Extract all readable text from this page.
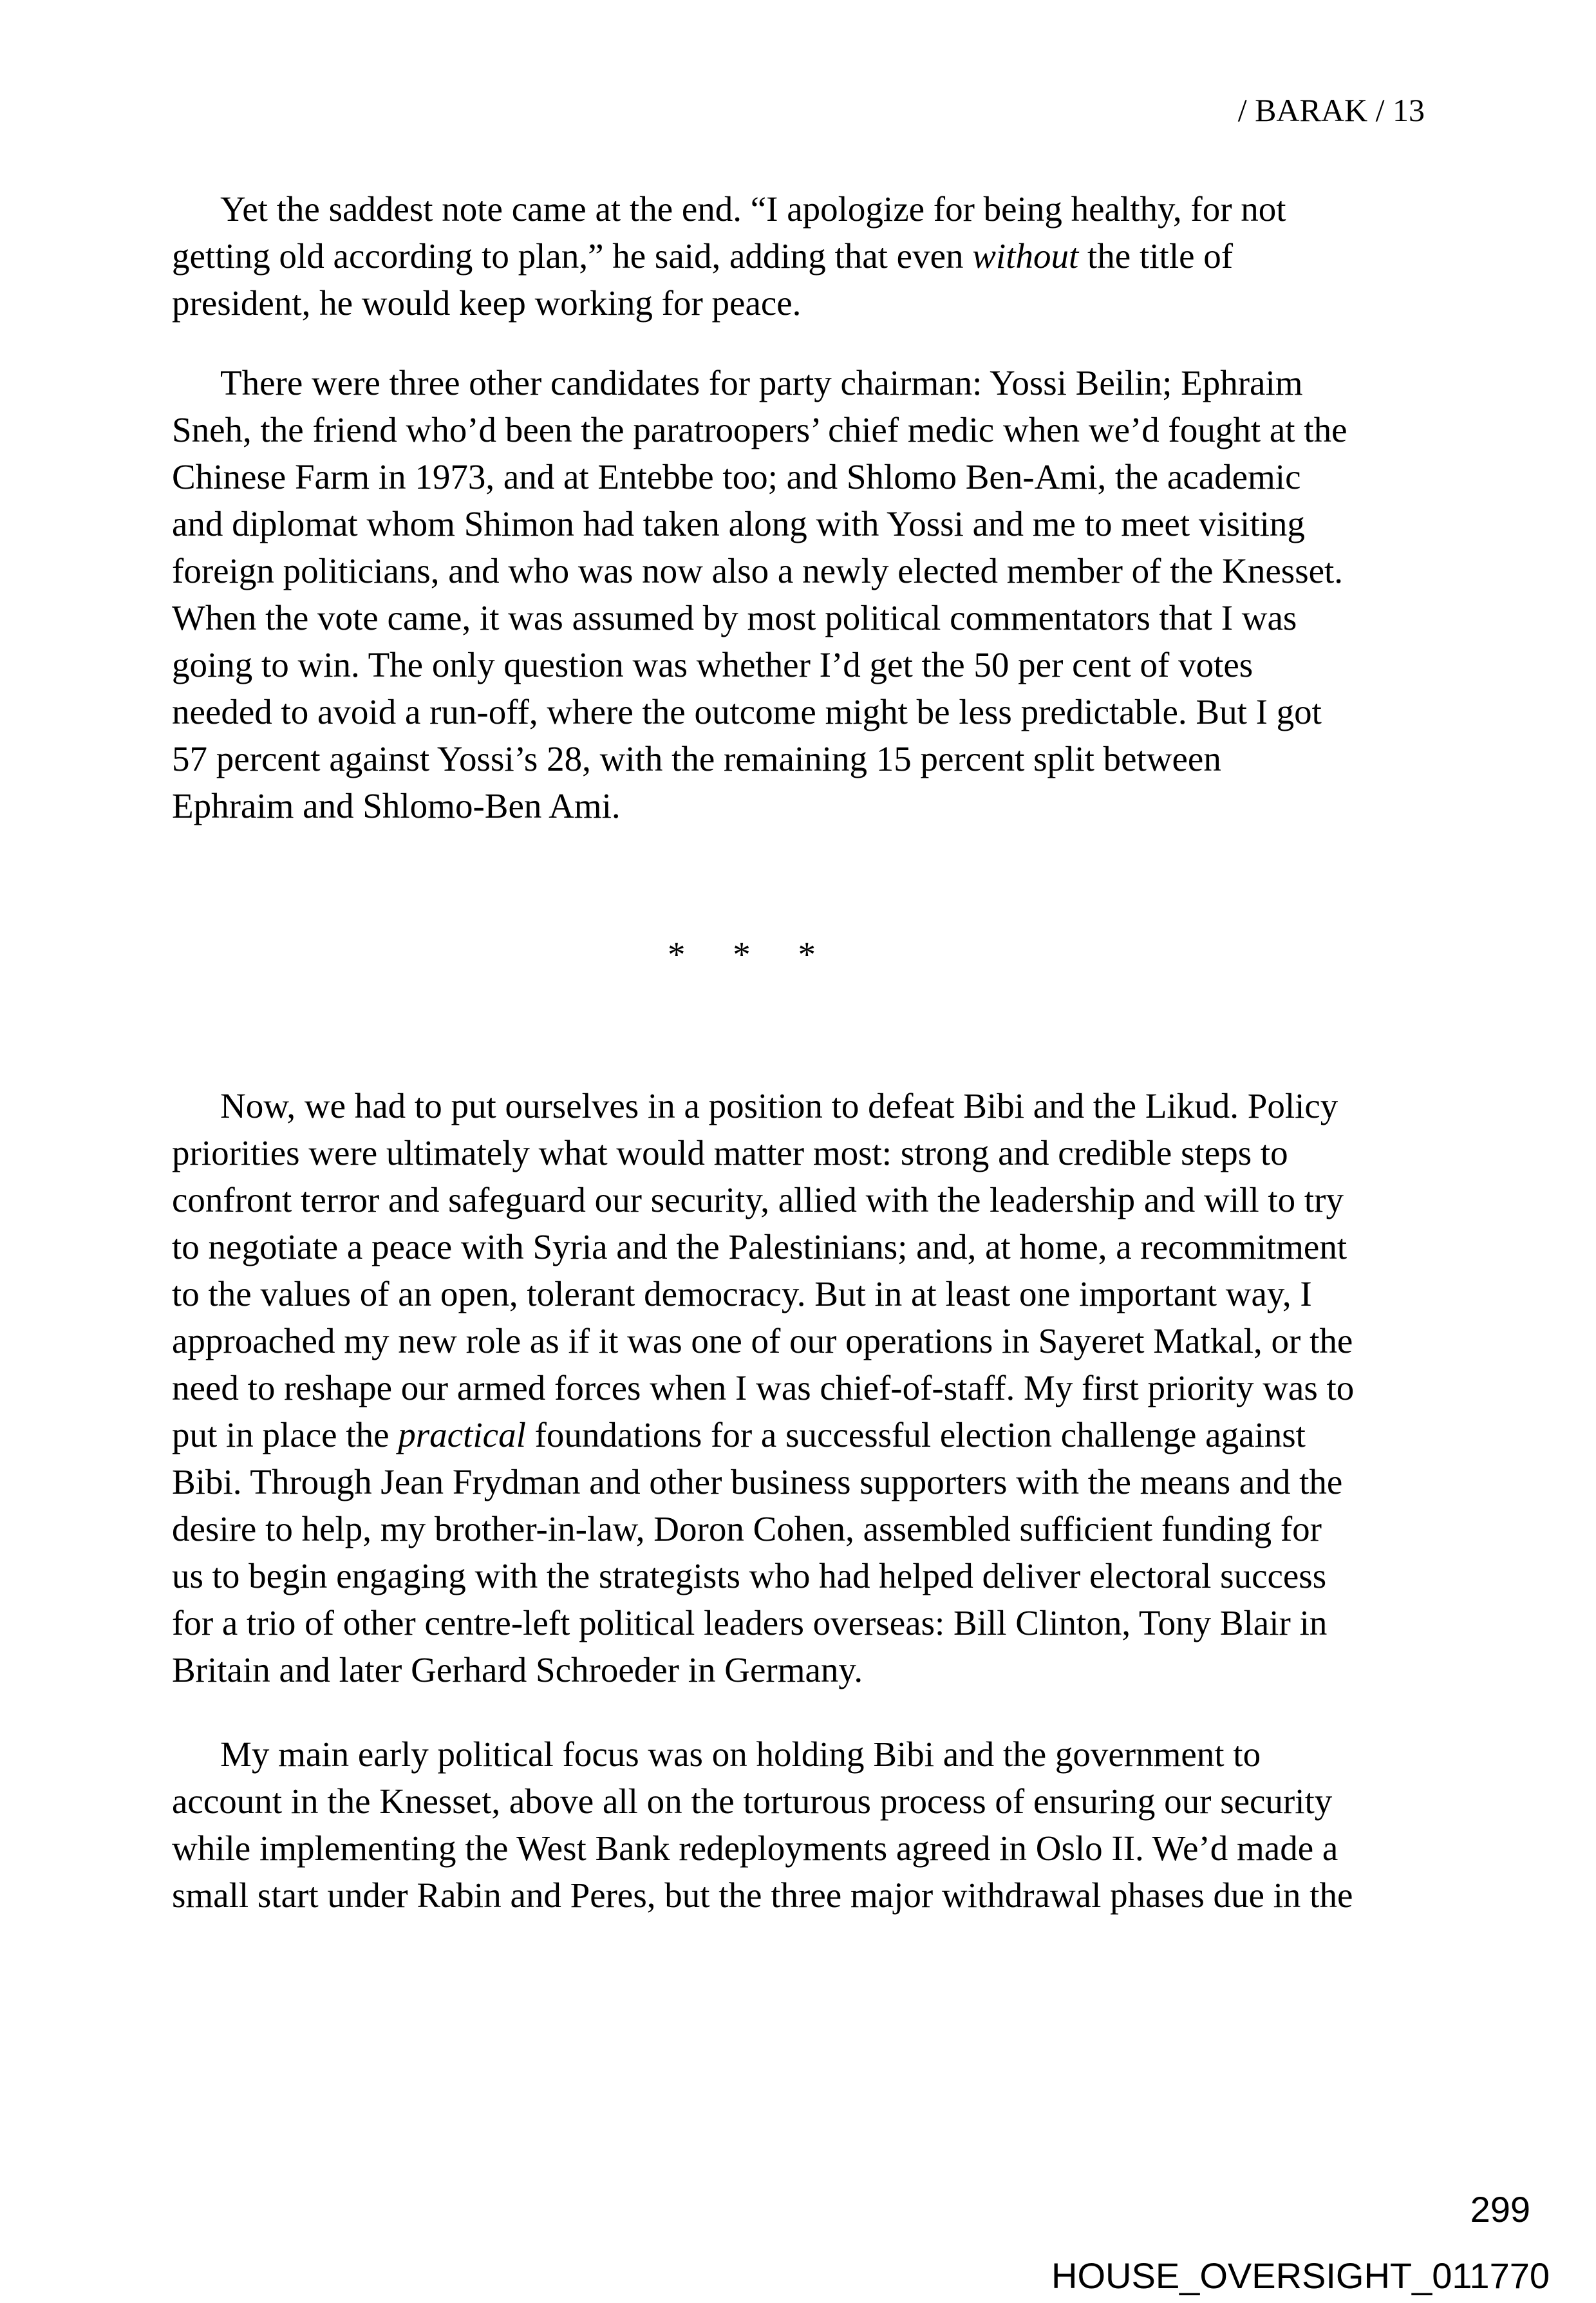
/ BARAK / 13
Yet the saddest note came at the end. “I apologize for being healthy, for not
getting old according to plan,” he said, adding that even without the title of
president, he would keep working for peace.
There were three other candidates for party chairman: Yossi Beilin; Ephraim
Sneh, the friend who’d been the paratroopers’ chief medic when we’d fought at the
Chinese Farm in 1973, and at Entebbe too; and Shlomo Ben-Ami, the academic
and diplomat whom Shimon had taken along with Yossi and me to meet visiting
foreign politicians, and who was now also a newly elected member of the Knesset.
When the vote came, it was assumed by most political commentators that I was
going to win. The only question was whether I’d get the 50 per cent of votes
needed to avoid a run-off, where the outcome might be less predictable. But I got
57 percent against Yossi’s 28, with the remaining 15 percent split between
Ephraim and Shlomo-Ben Ami.
* * *
Now, we had to put ourselves in a position to defeat Bibi and the Likud. Policy
priorities were ultimately what would matter most: strong and credible steps to
confront terror and safeguard our security, allied with the leadership and will to try
to negotiate a peace with Syria and the Palestinians; and, at home, a recommitment
to the values of an open, tolerant democracy. But in at least one important way, I
approached my new role as if it was one of our operations in Sayeret Matkal, or the
need to reshape our armed forces when I was chief-of-staff. My first priority was to
put in place the practical foundations for a successful election challenge against
Bibi. Through Jean Frydman and other business supporters with the means and the
desire to help, my brother-in-law, Doron Cohen, assembled sufficient funding for
us to begin engaging with the strategists who had helped deliver electoral success
for a trio of other centre-left political leaders overseas: Bill Clinton, Tony Blair in
Britain and later Gerhard Schroeder in Germany.
My main early political focus was on holding Bibi and the government to
account in the Knesset, above all on the torturous process of ensuring our security
while implementing the West Bank redeployments agreed in Oslo II. We’d made a
small start under Rabin and Peres, but the three major withdrawal phases due in the
299
HOUSE_OVERSIGHT_011770
